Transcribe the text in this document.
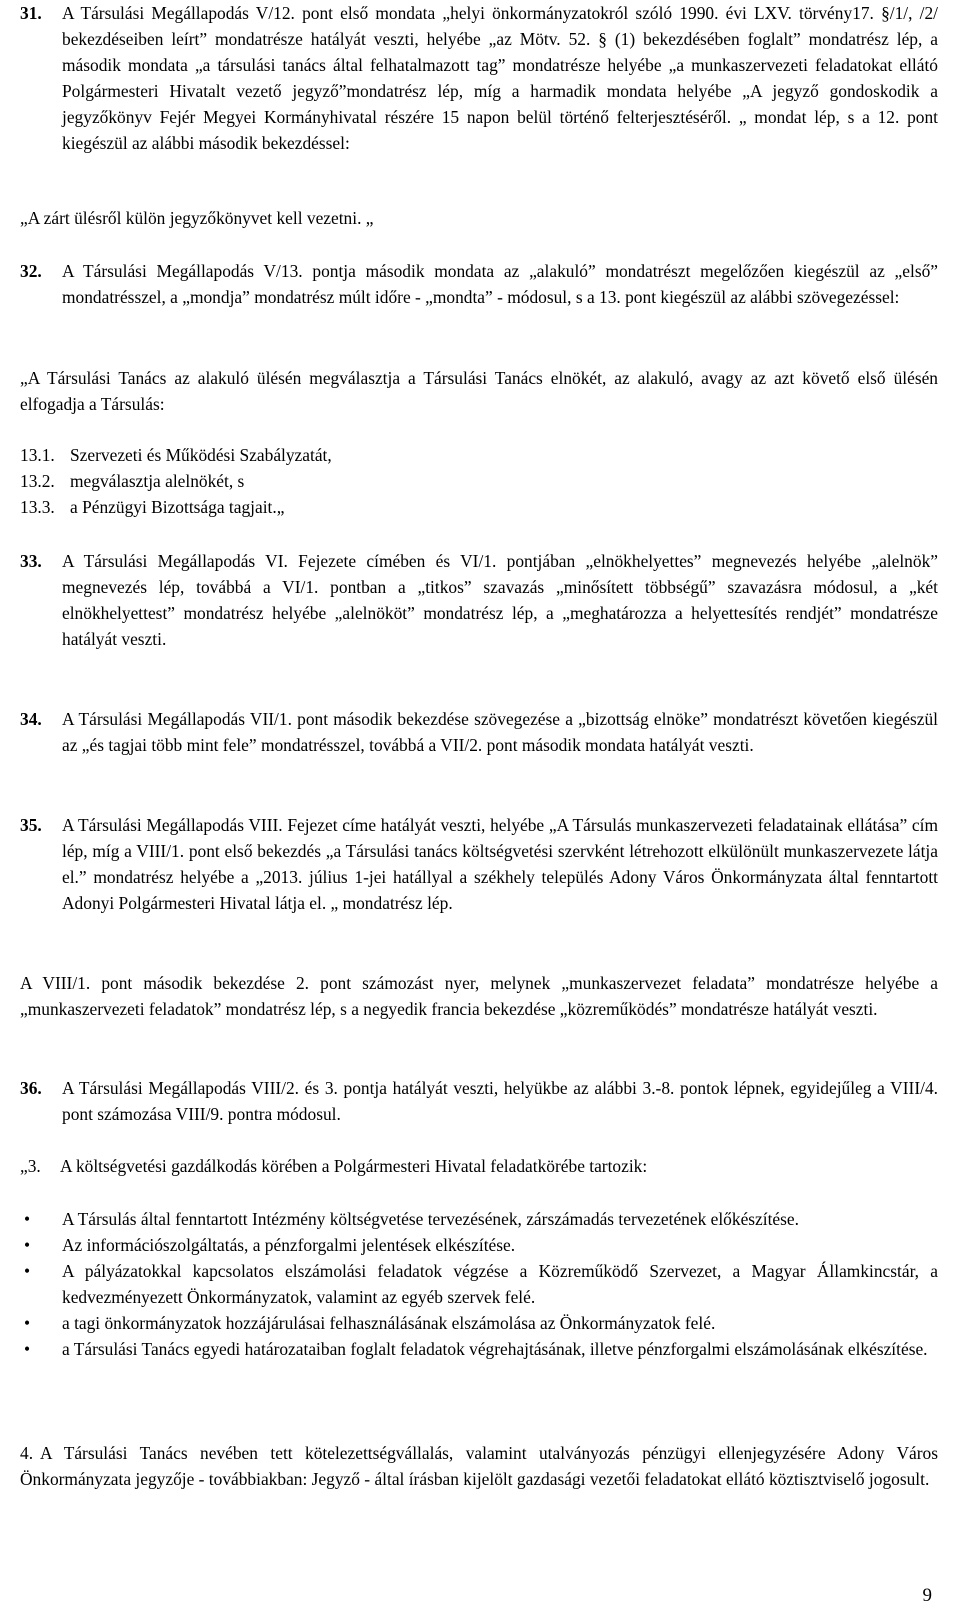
31. A Társulási Megállapodás V/12. pont első mondata „helyi önkormányzatokról szóló 1990. évi LXV. törvény17. §/1/, /2/ bekezdéseiben leírt” mondatrésze hatályát veszti, helyébe „az Mötv. 52. § (1) bekezdésében foglalt” mondatrész lép, a második mondata „a társulási tanács által felhatalmazott tag” mondatrésze helyébe „a munkaszervezeti feladatokat ellátó Polgármesteri Hivatalt vezető jegyző”mondatrész lép, míg a harmadik mondata helyébe „A jegyző gondoskodik a jegyzőkönyv Fejér Megyei Kormányhivatal részére 15 napon belül történő felterjesztéséről. „ mondat lép, s a 12. pont kiegészül az alábbi második bekezdéssel:
„A zárt ülésről külön jegyzőkönyvet kell vezetni. „
32. A Társulási Megállapodás V/13. pontja második mondata az „alakuló” mondatrészt megelőzően kiegészül az „első” mondatrésszel, a „mondja” mondatrész múlt időre - „mondta” - módosul, s a 13. pont kiegészül az alábbi szövegezéssel:
„A Társulási Tanács az alakuló ülésén megválasztja a Társulási Tanács elnökét, az alakuló, avagy az azt követő első ülésén elfogadja a Társulás:
13.1. Szervezeti és Működési Szabályzatát,
13.2. megválasztja alelnökét, s
13.3. a Pénzügyi Bizottsága tagjait.„
33. A Társulási Megállapodás VI. Fejezete címében és VI/1. pontjában „elnökhelyettes” megnevezés helyébe „alelnök” megnevezés lép, továbbá a VI/1. pontban a „titkos” szavazás „minősített többségű” szavazásra módosul, a „két elnökhelyettest” mondatrész helyébe „alelnököt” mondatrész lép, a „meghatározza a helyettesítés rendjét” mondatrésze hatályát veszti.
34. A Társulási Megállapodás VII/1. pont második bekezdése szövegezése a „bizottság elnöke” mondatrészt követően kiegészül az „és tagjai több mint fele” mondatrésszel, továbbá a VII/2. pont második mondata hatályát veszti.
35. A Társulási Megállapodás VIII. Fejezet címe hatályát veszti, helyébe „A Társulás munkaszervezeti feladatainak ellátása” cím lép, míg a VIII/1. pont első bekezdés „a Társulási tanács költségvetési szervként létrehozott elkülönült munkaszervezete látja el.” mondatrész helyébe a „2013. július 1-jei hatállyal a székhely település Adony Város Önkormányzata által fenntartott Adonyi Polgármesteri Hivatal látja el. „ mondatrész lép.
A VIII/1. pont második bekezdése 2. pont számozást nyer, melynek „munkaszervezet feladata” mondatrésze helyébe a „munkaszervezeti feladatok” mondatrész lép, s a negyedik francia bekezdése „közreműködés” mondatrésze hatályát veszti.
36. A Társulási Megállapodás VIII/2. és 3. pontja hatályát veszti, helyükbe az alábbi 3.-8. pontok lépnek, egyidejűleg a VIII/4. pont számozása VIII/9. pontra módosul.
„3. A költségvetési gazdálkodás körében a Polgármesteri Hivatal feladatkörébe tartozik:
• A Társulás által fenntartott Intézmény költségvetése tervezésének, zárszámadás tervezetének előkészítése.
• Az információszolgáltatás, a pénzforgalmi jelentések elkészítése.
• A pályázatokkal kapcsolatos elszámolási feladatok végzése a Közreműködő Szervezet, a Magyar Államkincstár, a kedvezményezett Önkormányzatok, valamint az egyéb szervek felé.
• a tagi önkormányzatok hozzájárulásai felhasználásának elszámolása az Önkormányzatok felé.
• a Társulási Tanács egyedi határozataiban foglalt feladatok végrehajtásának, illetve pénzforgalmi elszámolásának elkészítése.
4. A Társulási Tanács nevében tett kötelezettségvállalás, valamint utalványozás pénzügyi ellenjegyzésére Adony Város Önkormányzata jegyzője - továbbiakban: Jegyző - által írásban kijelölt gazdasági vezetői feladatokat ellátó köztisztviselő jogosult.
9
